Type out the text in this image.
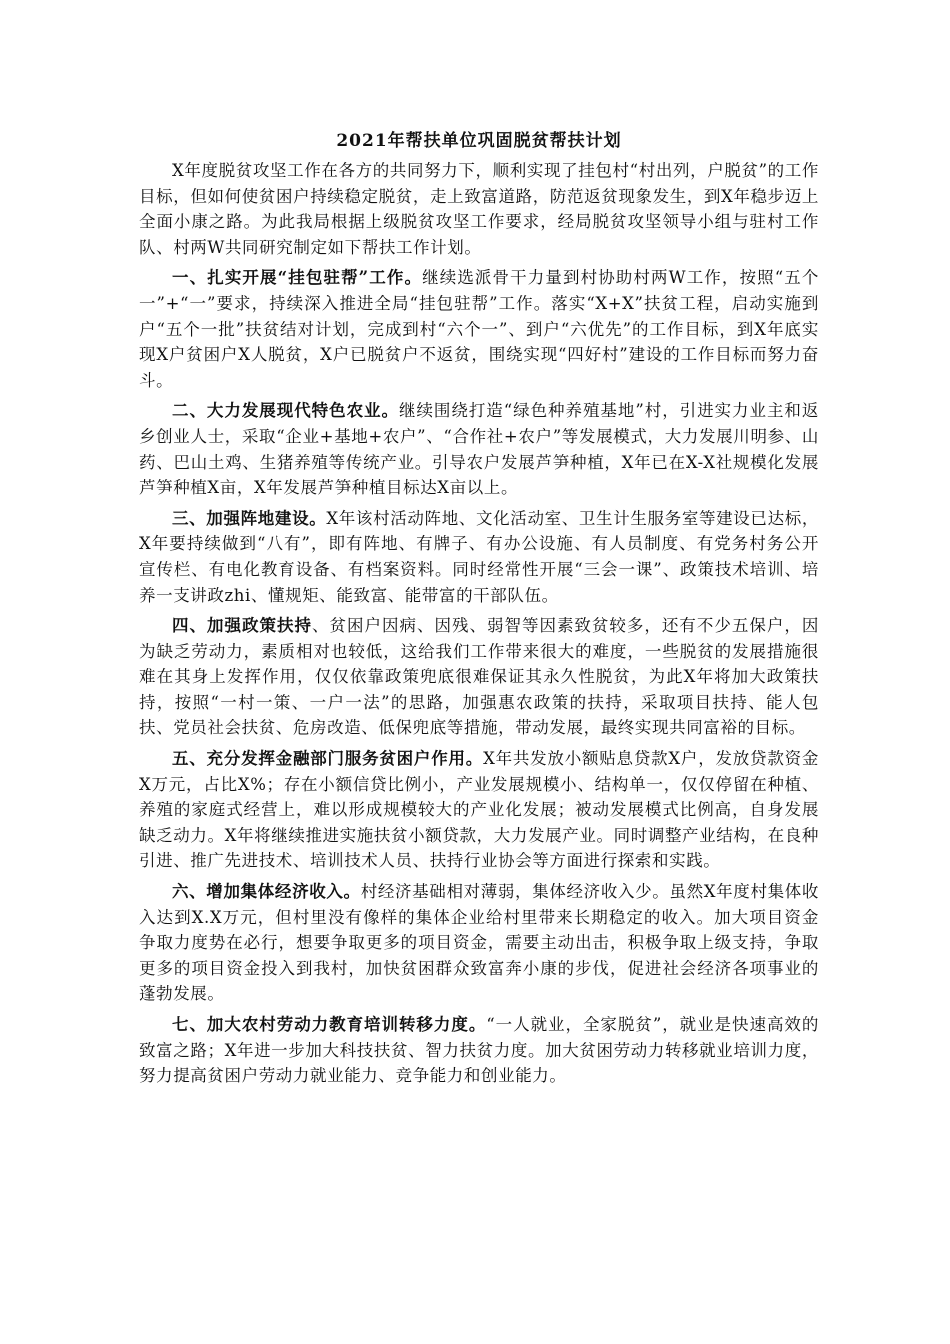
2021年帮扶单位巩固脱贫帮扶计划

X年度脱贫攻坚工作在各方的共同努力下，顺利实现了挂包村“村出列，户脱贫”的工作目标，但如何使贫困户持续稳定脱贫，走上致富道路，防范返贫现象发生，到X年稳步迈上全面小康之路。为此我局根据上级脱贫攻坚工作要求，经局脱贫攻坚领导小组与驻村工作队、村两W共同研究制定如下帮扶工作计划。

一、扎实开展“挂包驻帮”工作。继续选派骨干力量到村协助村两W工作，按照“五个一”+“一”要求，持续深入推进全局“挂包驻帮”工作。落实“X+X”扶贫工程，启动实施到户“五个一批”扶贫结对计划，完成到村“六个一”、到户“六优先”的工作目标，到X年底实现X户贫困户X人脱贫，X户已脱贫户不返贫，围绕实现“四好村”建设的工作目标而努力奋斗。

二、大力发展现代特色农业。继续围绕打造“绿色种养殖基地”村，引进实力业主和返乡创业人士，采取“企业+基地+农户”、“合作社+农户”等发展模式，大力发展川明参、山药、巴山土鸡、生猪养殖等传统产业。引导农户发展芦笋种植，X年已在X-X社规模化发展芦笋种植X亩，X年发展芦笋种植目标达X亩以上。

三、加强阵地建设。X年该村活动阵地、文化活动室、卫生计生服务室等建设已达标，X年要持续做到“八有”，即有阵地、有牌子、有办公设施、有人员制度、有党务村务公开宣传栏、有电化教育设备、有档案资料。同时经常性开展“三会一课”、政策技术培训、培养一支讲政zhi、懂规矩、能致富、能带富的干部队伍。

四、加强政策扶持、贫困户因病、因残、弱智等因素致贫较多，还有不少五保户，因为缺乏劳动力，素质相对也较低，这给我们工作带来很大的难度，一些脱贫的发展措施很难在其身上发挥作用，仅仅依靠政策兜底很难保证其永久性脱贫，为此X年将加大政策扶持，按照“一村一策、一户一法”的思路，加强惠农政策的扶持，采取项目扶持、能人包扶、党员社会扶贫、危房改造、低保兜底等措施，带动发展，最终实现共同富裕的目标。

五、充分发挥金融部门服务贫困户作用。X年共发放小额贴息贷款X户，发放贷款资金X万元，占比X%；存在小额信贷比例小，产业发展规模小、结构单一，仅仅停留在种植、养殖的家庭式经营上，难以形成规模较大的产业化发展；被动发展模式比例高，自身发展缺乏动力。X年将继续推进实施扶贫小额贷款，大力发展产业。同时调整产业结构，在良种引进、推广先进技术、培训技术人员、扶持行业协会等方面进行探索和实践。

六、增加集体经济收入。村经济基础相对薄弱，集体经济收入少。虽然X年度村集体收入达到X.X万元，但村里没有像样的集体企业给村里带来长期稳定的收入。加大项目资金争取力度势在必行，想要争取更多的项目资金，需要主动出击，积极争取上级支持，争取更多的项目资金投入到我村，加快贫困群众致富奔小康的步伐，促进社会经济各项事业的蓬勃发展。

七、加大农村劳动力教育培训转移力度。“一人就业，全家脱贫”，就业是快速高效的致富之路；X年进一步加大科技扶贫、智力扶贫力度。加大贫困劳动力转移就业培训力度，努力提高贫困户劳动力就业能力、竞争能力和创业能力。
